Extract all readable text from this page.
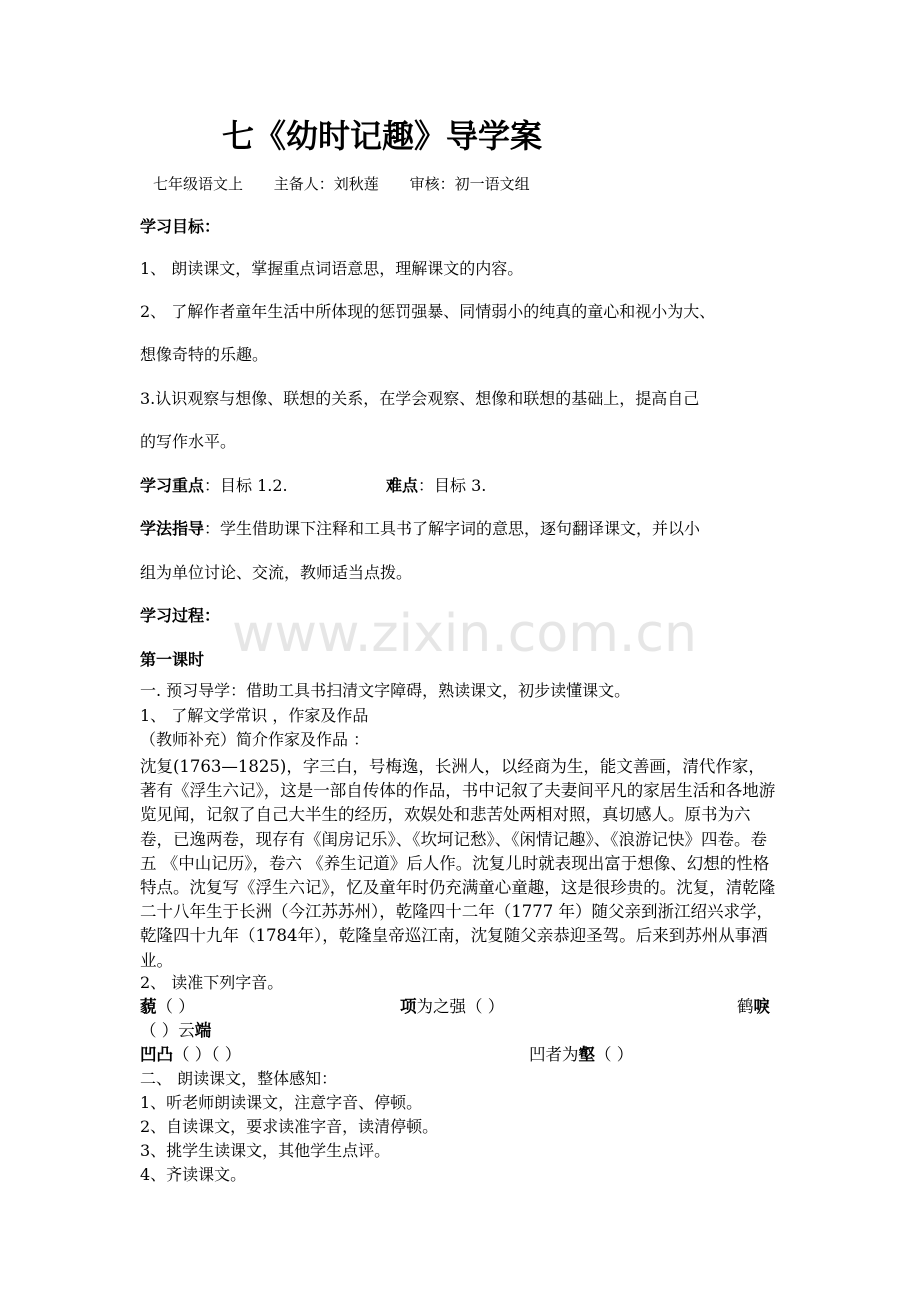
www.zixin.com.cn
七《幼时记趣》导学案
七年级语文上 主备人：刘秋莲 审核：初一语文组
学习目标：
1、 朗读课文，掌握重点词语意思，理解课文的内容。
2、 了解作者童年生活中所体现的惩罚强暴、同情弱小的纯真的童心和视小为大、
想像奇特的乐趣。
3.认识观察与想像、联想的关系，在学会观察、想像和联想的基础上，提高自己
的写作水平。
学习重点：目标 1.2.	难点：目标 3.
学法指导：学生借助课下注释和工具书了解字词的意思，逐句翻译课文，并以小
组为单位讨论、交流，教师适当点拨。
学习过程：
第一课时
一. 预习导学：借助工具书扫清文字障碍，熟读课文，初步读懂课文。
1、 了解文学常识 ，作家及作品
（教师补充）简介作家及作品 ：
沈复(1763—1825)，字三白，号梅逸，长洲人，以经商为生，能文善画，清代作家，著有《浮生六记》，这是一部自传体的作品，书中记叙了夫妻间平凡的家居生活和各地游览见闻，记叙了自己大半生的经历，欢娱处和悲苦处两相对照，真切感人。原书为六卷，已逸两卷，现存有《闺房记乐》、《坎坷记愁》、《闲情记趣》、《浪游记快》四卷。卷五 《中山记历》，卷六 《养生记道》后人作。沈复儿时就表现出富于想像、幻想的性格特点。沈复写《浮生六记》，忆及童年时仍充满童心童趣，这是很珍贵的。沈复，清乾隆二十八年生于长洲（今江苏苏州），乾隆四十二年（1777 年）随父亲到浙江绍兴求学，乾隆四十九年（1784年），乾隆皇帝巡江南，沈复随父亲恭迎圣驾。后来到苏州从事酒业。
2、 读准下列字音。
藐（ ）	项为之强（ ）	鹤唳
（ ）云端
凹凸（ ）（ ）	凹者为壑（ ）
二、 朗读课文，整体感知：
1、听老师朗读课文，注意字音、停顿。
2、自读课文，要求读准字音，读清停顿。
3、挑学生读课文，其他学生点评。
4、齐读课文。
